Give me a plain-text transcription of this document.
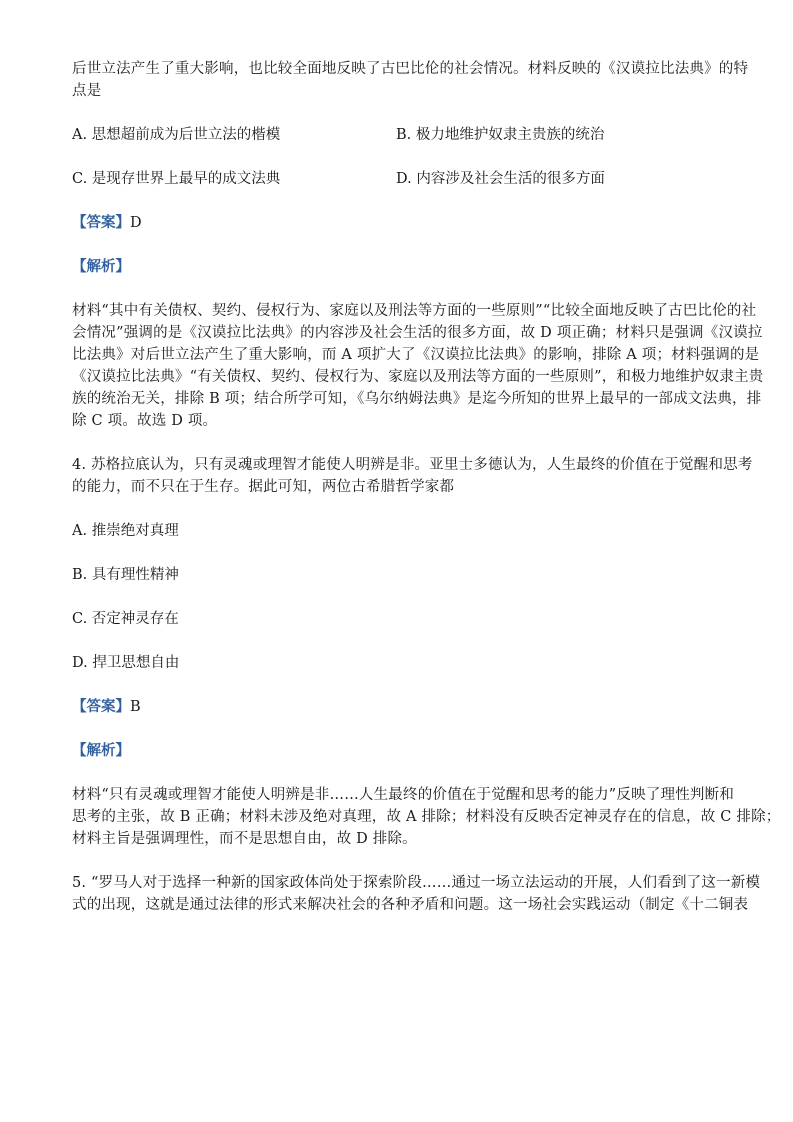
后世立法产生了重大影响，也比较全面地反映了古巴比伦的社会情况。材料反映的《汉谟拉比法典》的特
点是
A. 思想超前成为后世立法的楷模	B. 极力地维护奴隶主贵族的统治
C. 是现存世界上最早的成文法典	D. 内容涉及社会生活的很多方面
【答案】D
【解析】
材料“其中有关债权、契约、侵权行为、家庭以及刑法等方面的一些原则”“比较全面地反映了古巴比伦的社
会情况”强调的是《汉谟拉比法典》的内容涉及社会生活的很多方面，故 D 项正确；材料只是强调《汉谟拉
比法典》对后世立法产生了重大影响，而 A 项扩大了《汉谟拉比法典》的影响，排除 A 项；材料强调的是
《汉谟拉比法典》“有关债权、契约、侵权行为、家庭以及刑法等方面的一些原则”，和极力地维护奴隶主贵
族的统治无关，排除 B 项；结合所学可知，《乌尔纳姆法典》是迄今所知的世界上最早的一部成文法典，排
除 C 项。故选 D 项。
4. 苏格拉底认为，只有灵魂或理智才能使人明辨是非。亚里士多德认为，人生最终的价值在于觉醒和思考
的能力，而不只在于生存。据此可知，两位古希腊哲学家都
A. 推崇绝对真理
B. 具有理性精神
C. 否定神灵存在
D. 捍卫思想自由
【答案】B
【解析】
材料“只有灵魂或理智才能使人明辨是非……人生最终的价值在于觉醒和思考的能力”反映了理性判断和
思考的主张，故 B 正确；材料未涉及绝对真理，故 A 排除；材料没有反映否定神灵存在的信息，故 C 排除；
材料主旨是强调理性，而不是思想自由，故 D 排除。
5. “罗马人对于选择一种新的国家政体尚处于探索阶段……通过一场立法运动的开展，人们看到了这一新模
式的出现，这就是通过法律的形式来解决社会的各种矛盾和问题。这一场社会实践运动（制定《十二铜表
